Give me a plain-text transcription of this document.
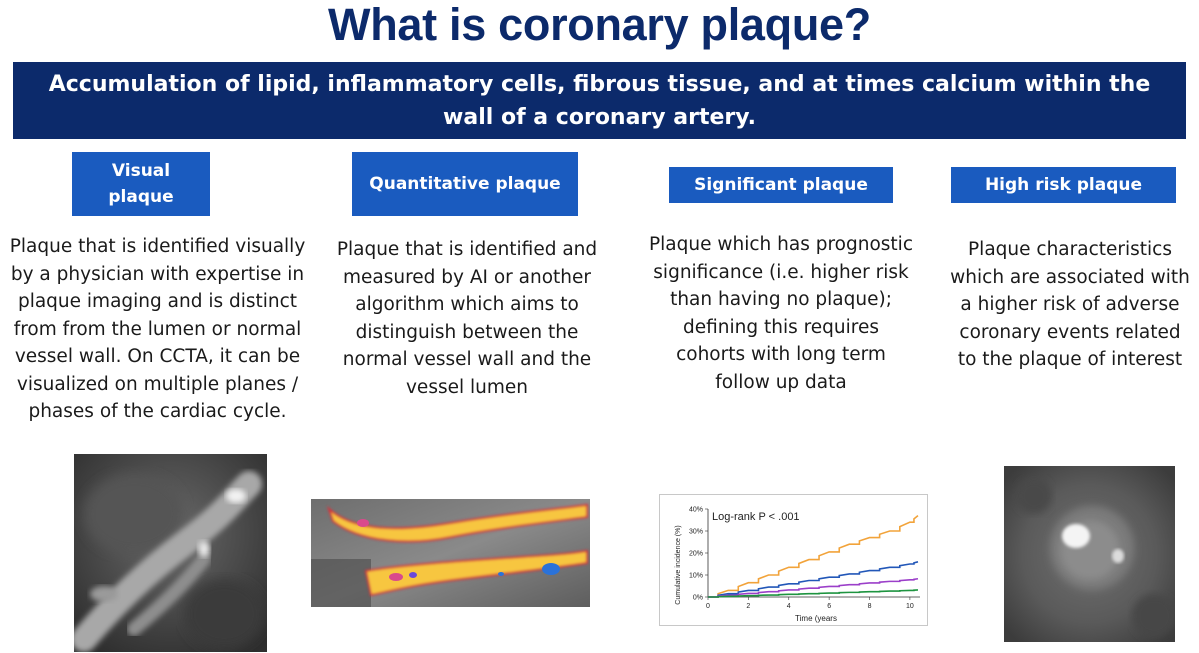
What is coronary plaque?
Accumulation of lipid, inflammatory cells, fibrous tissue, and at times calcium within the wall of a coronary artery.
Visual plaque
Quantitative plaque	Significant plaque	High risk plaque
Plaque that is identified visually by a physician with expertise in plaque imaging and is distinct from from the lumen or normal vessel wall. On CCTA, it can be visualized on multiple planes / phases of the cardiac cycle.
Plaque that is identified and measured by AI or another algorithm which aims to distinguish between the normal vessel wall and the vessel lumen
Plaque which has prognostic significance (i.e. higher risk than having no plaque); defining this requires cohorts with long term follow up data
Plaque characteristics which are associated with a higher risk of adverse coronary events related to the plaque of interest
Log-rank P < .001
Cumulative incidence (%)
Time (years
0	2	4	6	8	10
0%
10%
20%
30%
40%
